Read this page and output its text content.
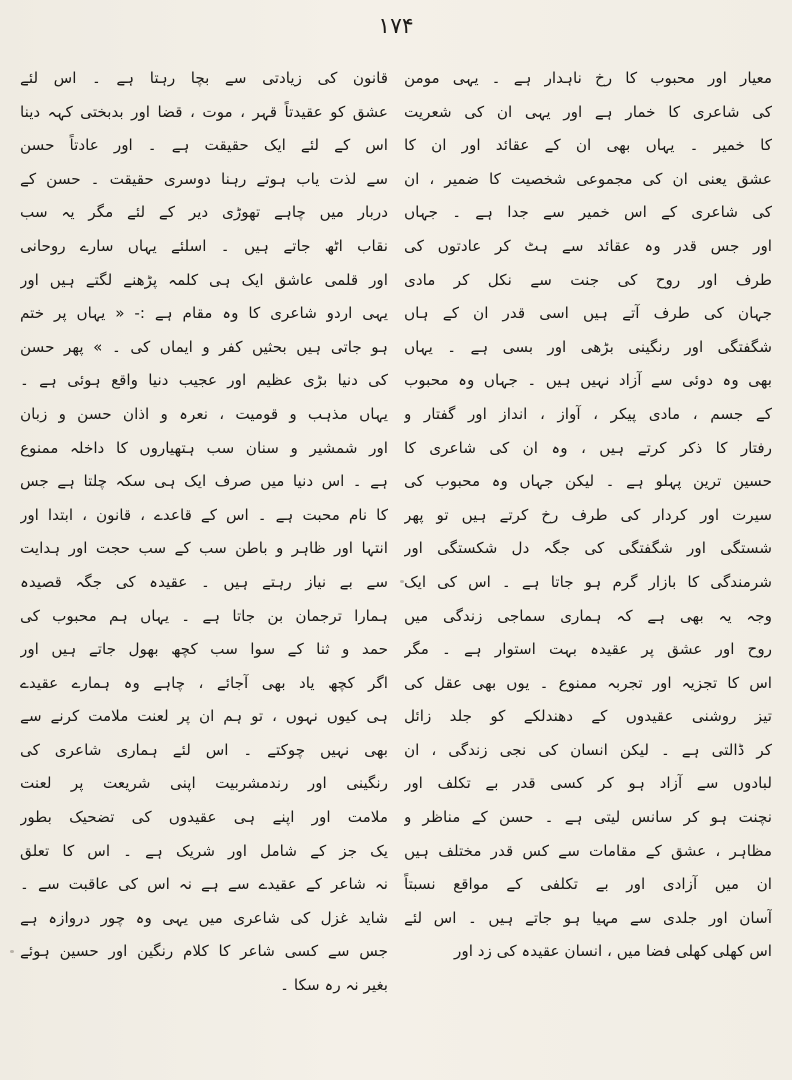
۱۷۴
معیار اور محبوب کا رخ ناہدار ہے ۔ یہی مومن
کی شاعری کا خمار ہے اور یہی ان کی شعریت
کا خمیر ۔ یہاں بھی ان کے عقائد اور ان کا
عشق یعنی ان کی مجموعی شخصیت کا ضمیر ، ان
کی شاعری کے اس خمیر سے جدا ہے ۔ جہاں
اور جس قدر وہ عقائد سے ہٹ کر عادتوں کی
طرف اور روح کی جنت سے نکل کر مادی
جہان کی طرف آتے ہیں اسی قدر ان کے ہاں
شگفتگی اور رنگینی بڑھی اور بسی ہے ۔ یہاں
بھی وہ دوئی سے آزاد نہیں ہیں ۔ جہاں وہ محبوب
کے جسم ، مادی پیکر ، آواز ، انداز اور گفتار و
رفتار کا ذکر کرتے ہیں ، وہ ان کی شاعری کا
حسین ترین پہلو ہے ۔ لیکن جہاں وہ محبوب کی
سیرت اور کردار کی طرف رخ کرتے ہیں تو پھر
شستگی اور شگفتگی کی جگہ دل شکستگی اور
شرمندگی کا بازار گرم ہو جاتا ہے ۔ اس کی ایک
وجہ یہ بھی ہے کہ ہماری سماجی زندگی میں
روح اور عشق پر عقیدہ بہت استوار ہے ۔ مگر
اس کا تجزیہ اور تجربہ ممنوع ۔ یوں بھی عقل کی
تیز روشنی عقیدوں کے دھندلکے کو جلد زائل
کر ڈالتی ہے ۔ لیکن انسان کی نجی زندگی ، ان
لبادوں سے آزاد ہو کر کسی قدر بے تکلف اور
نچنت ہو کر سانس لیتی ہے ۔ حسن کے مناظر و
مظاہر ، عشق کے مقامات سے کس قدر مختلف ہیں
ان میں آزادی اور بے تکلفی کے مواقع نسبتاً
آسان اور جلدی سے مہیا ہو جاتے ہیں ۔ اس لئے
اس کھلی کھلی فضا میں ، انسان عقیدہ کی زد اور
قانون کی زیادتی سے بچا رہتا ہے ۔ اس لئے
عشق کو عقیدتاً قہر ، موت ، قضا اور بدبختی کہہ دینا
اس کے لئے ایک حقیقت ہے ۔ اور عادتاً حسن
سے لذت یاب ہوتے رہنا دوسری حقیقت ۔ حسن کے
دربار میں چاہے تھوڑی دیر کے لئے مگر یہ سب
نقاب اٹھ جاتے ہیں ۔ اسلئے یہاں سارے روحانی
اور قلمی عاشق ایک ہی کلمہ پڑھنے لگتے ہیں اور
یہی اردو شاعری کا وہ مقام ہے :- « یہاں پر ختم
ہو جاتی ہیں بحثیں کفر و ایماں کی ۔ » پھر حسن
کی دنیا بڑی عظیم اور عجیب دنیا واقع ہوئی ہے ۔
یہاں مذہب و قومیت ، نعرہ و اذان حسن و زبان
اور شمشیر و سنان سب ہتھیاروں کا داخلہ ممنوع
ہے ۔ اس دنیا میں صرف ایک ہی سکہ چلتا ہے جس
کا نام محبت ہے ۔ اس کے قاعدے ، قانون ، ابتدا اور
انتہا اور ظاہر و باطن سب کے سب حجت اور ہدایت
سے بے نیاز رہتے ہیں ۔ عقیدہ کی جگہ قصیدہ
ہمارا ترجمان بن جاتا ہے ۔ یہاں ہم محبوب کی
حمد و ثنا کے سوا سب کچھ بھول جاتے ہیں اور
اگر کچھ یاد بھی آجائے ، چاہے وہ ہمارے عقیدے
ہی کیوں نہوں ، تو ہم ان پر لعنت ملامت کرنے سے
بھی نہیں چوکتے ۔ اس لئے ہماری شاعری کی
رنگینی اور رندمشربیت اپنی شریعت پر لعنت
ملامت اور اپنے ہی عقیدوں کی تضحیک بطور
یک جز کے شامل اور شریک ہے ۔ اس کا تعلق
نہ شاعر کے عقیدے سے ہے نہ اس کی عاقبت سے ۔
شاید غزل کی شاعری میں یہی وہ چور دروازہ ہے
جس سے کسی شاعر کا کلام رنگین اور حسین ہوئے
بغیر نہ رہ سکا ۔
